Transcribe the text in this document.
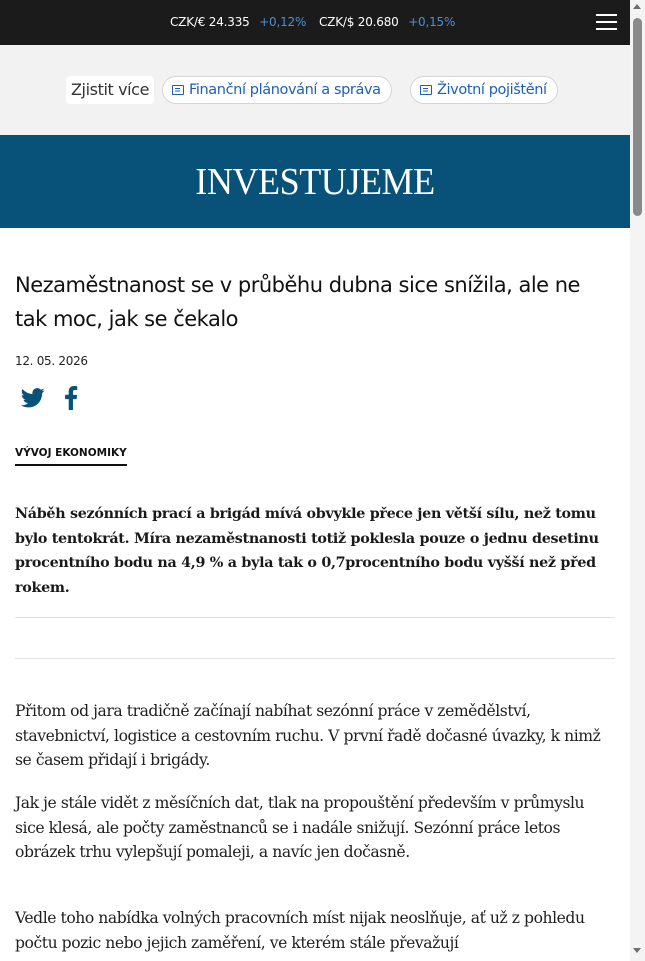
CZK/€ 24.335 +0,12% CZK/$ 20.680 +0,15%
Zjistit více	Finanční plánování a správa	Životní pojištění
INVESTUJEME
Nezaměstnanost se v průběhu dubna sice snížila, ale ne tak moc, jak se čekalo
12. 05. 2026
VÝVOJ EKONOMIKY

Náběh sezónních prací a brigád mívá obvykle přece jen větší sílu, než tomu bylo tentokrát. Míra nezaměstnanosti totiž poklesla pouze o jednu desetinu procentního bodu na 4,9 % a byla tak o 0,7procentního bodu vyšší než před rokem.

Přitom od jara tradičně začínají nabíhat sezónní práce v zemědělství, stavebnictví, logistice a cestovním ruchu. V první řadě dočasné úvazky, k nimž se časem přidají i brigády.

Jak je stále vidět z měsíčních dat, tlak na propouštění především v průmyslu sice klesá, ale počty zaměstnanců se i nadále snižují. Sezónní práce letos obrázek trhu vylepšují pomaleji, a navíc jen dočasně.

Vedle toho nabídka volných pracovních míst nijak neoslňuje, ať už z pohledu počtu pozic nebo jejich zaměření, ve kterém stále převažují
